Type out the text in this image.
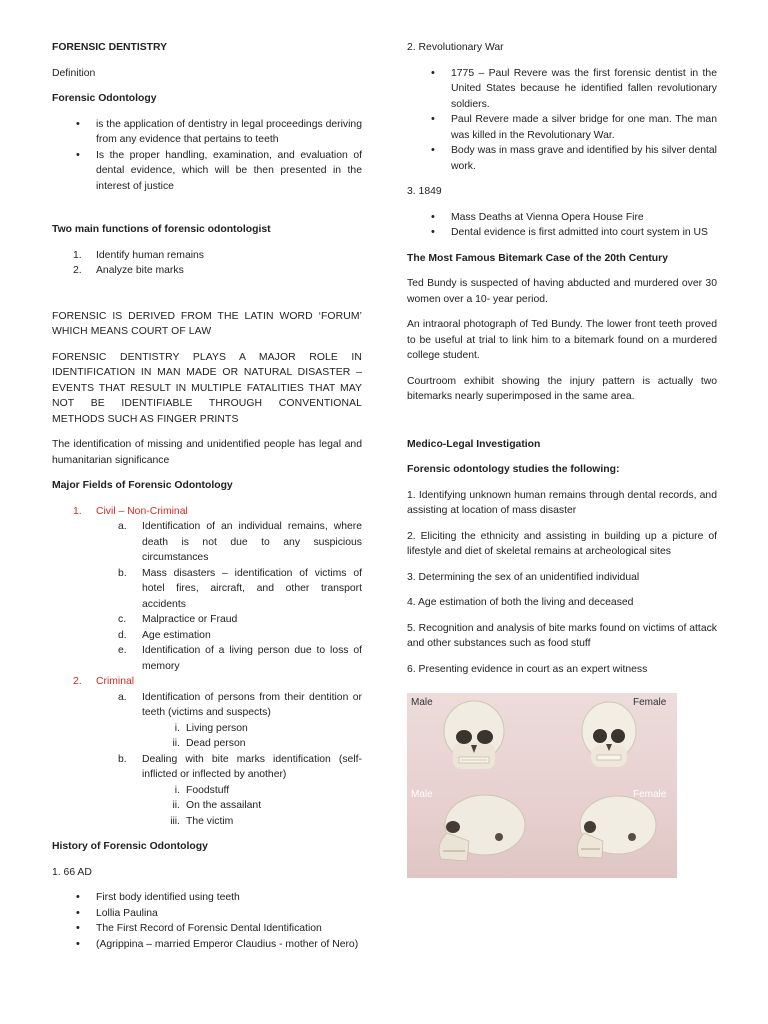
FORENSIC DENTISTRY

Definition

Forensic Odontology

• is the application of dentistry in legal proceedings deriving from any evidence that pertains to teeth
• Is the proper handling, examination, and evaluation of dental evidence, which will be then presented in the interest of justice

Two main functions of forensic odontologist

1. Identify human remains
2. Analyze bite marks

FORENSIC IS DERIVED FROM THE LATIN WORD ‘FORUM’ WHICH MEANS COURT OF LAW

FORENSIC DENTISTRY PLAYS A MAJOR ROLE IN IDENTIFICATION IN MAN MADE OR NATURAL DISASTER – EVENTS THAT RESULT IN MULTIPLE FATALITIES THAT MAY NOT BE IDENTIFIABLE THROUGH CONVENTIONAL METHODS SUCH AS FINGER PRINTS

The identification of missing and unidentified people has legal and humanitarian significance

Major Fields of Forensic Odontology

1. Civil – Non-Criminal
a. Identification of an individual remains, where death is not due to any suspicious circumstances
b. Mass disasters – identification of victims of hotel fires, aircraft, and other transport accidents
c. Malpractice or Fraud
d. Age estimation
e. Identification of a living person due to loss of memory
2. Criminal
a. Identification of persons from their dentition or teeth (victims and suspects)
i. Living person
ii. Dead person
b. Dealing with bite marks identification (self-inflicted or inflected by another)
i. Foodstuff
ii. On the assailant
iii. The victim

History of Forensic Odontology

1. 66 AD

• First body identified using teeth
• Lollia Paulina
• The First Record of Forensic Dental Identification
• (Agrippina – married Emperor Claudius - mother of Nero)

2. Revolutionary War

• 1775 – Paul Revere was the first forensic dentist in the United States because he identified fallen revolutionary soldiers.
• Paul Revere made a silver bridge for one man. The man was killed in the Revolutionary War.
• Body was in mass grave and identified by his silver dental work.

3. 1849

• Mass Deaths at Vienna Opera House Fire
• Dental evidence is first admitted into court system in US

The Most Famous Bitemark Case of the 20th Century

Ted Bundy is suspected of having abducted and murdered over 30 women over a 10- year period.

An intraoral photograph of Ted Bundy. The lower front teeth proved to be useful at trial to link him to a bitemark found on a murdered college student.

Courtroom exhibit showing the injury pattern is actually two bitemarks nearly superimposed in the same area.

Medico-Legal Investigation

Forensic odontology studies the following:

1. Identifying unknown human remains through dental records, and assisting at location of mass disaster

2. Eliciting the ethnicity and assisting in building up a picture of lifestyle and diet of skeletal remains at archeological sites

3. Determining the sex of an unidentified individual

4. Age estimation of both the living and deceased

5. Recognition and analysis of bite marks found on victims of attack and other substances such as food stuff

6. Presenting evidence in court as an expert witness

Male	Female
Male	Female
